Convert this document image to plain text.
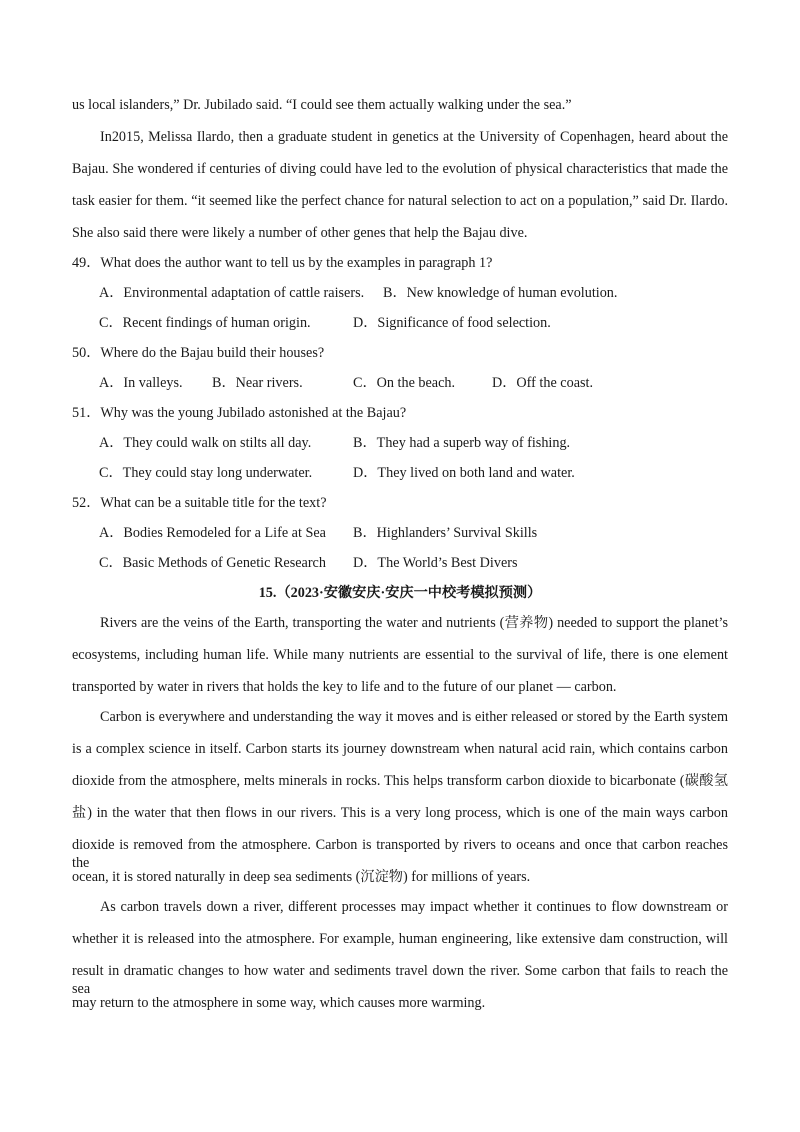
us local islanders,” Dr. Jubilado said. “I could see them actually walking under the sea.”
In2015, Melissa Ilardo, then a graduate student in genetics at the University of Copenhagen, heard about the
Bajau. She wondered if centuries of diving could have led to the evolution of physical characteristics that made the
task easier for them. “it seemed like the perfect chance for natural selection to act on a population,” said Dr. Ilardo.
She also said there were likely a number of other genes that help the Bajau dive.
49．What does the author want to tell us by the examples in paragraph 1?
A．Environmental adaptation of cattle raisers. B．New knowledge of human evolution.
C．Recent findings of human origin.	D．Significance of food selection.
50．Where do the Bajau build their houses?
A．In valleys. B．Near rivers.	C．On the beach.	D．Off the coast.
51．Why was the young Jubilado astonished at the Bajau?
A．They could walk on stilts all day.	B．They had a superb way of fishing.
C．They could stay long underwater.	D．They lived on both land and water.
52．What can be a suitable title for the text?
A．Bodies Remodeled for a Life at Sea B．Highlanders’ Survival Skills
C．Basic Methods of Genetic Research D．The World’s Best Divers
15.（2023·安徽安庆·安庆一中校考模拟预测）
Rivers are the veins of the Earth, transporting the water and nutrients (营养物) needed to support the planet’s
ecosystems, including human life. While many nutrients are essential to the survival of life, there is one element
transported by water in rivers that holds the key to life and to the future of our planet — carbon.
Carbon is everywhere and understanding the way it moves and is either released or stored by the Earth system
is a complex science in itself. Carbon starts its journey downstream when natural acid rain, which contains carbon
dioxide from the atmosphere, melts minerals in rocks. This helps transform carbon dioxide to bicarbonate (碳酸氢
盐) in the water that then flows in our rivers. This is a very long process, which is one of the main ways carbon
dioxide is removed from the atmosphere. Carbon is transported by rivers to oceans and once that carbon reaches the
ocean, it is stored naturally in deep sea sediments (沉淀物) for millions of years.
As carbon travels down a river, different processes may impact whether it continues to flow downstream or
whether it is released into the atmosphere. For example, human engineering, like extensive dam construction, will
result in dramatic changes to how water and sediments travel down the river. Some carbon that fails to reach the sea
may return to the atmosphere in some way, which causes more warming.
